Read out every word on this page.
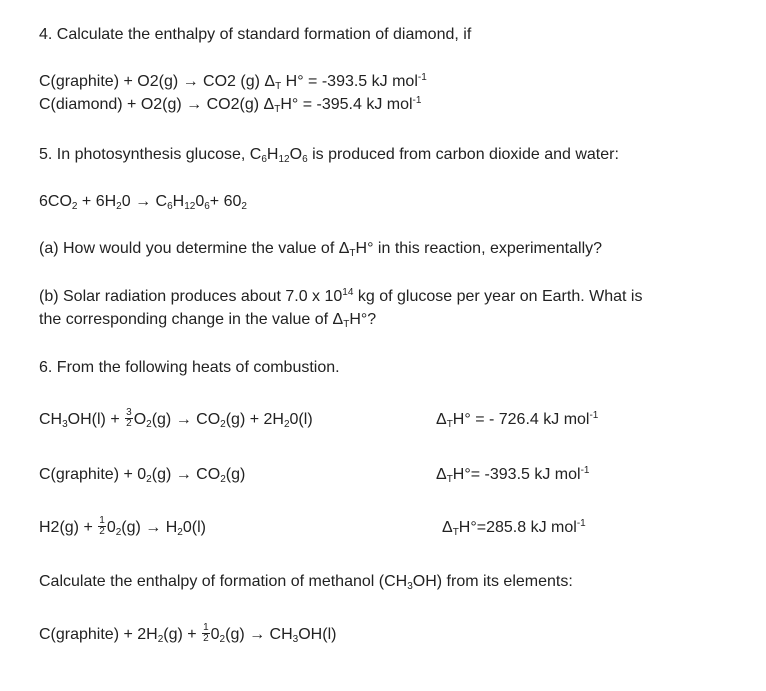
4. Calculate the enthalpy of standard formation of diamond, if
C(graphite) + O2(g) → CO2 (g) $\Delta_T$ H° = -393.5 kJ mol$^{-1}$
C(diamond) + O2(g) → CO2(g) $\Delta_TH^\circ = -395.4$ kJ mol$^{-1}$
5. In photosynthesis glucose, $C_6H_{12}O_6$ is produced from carbon dioxide and water:
$6CO_2 + 6H_20 \to C_6H_{12}0_6+ 60_2$
(a) How would you determine the value of $\Delta_TH^\circ$ in this reaction, experimentally?
(b) Solar radiation produces about 7.0 x $10^{14}$ kg of glucose per year on Earth. What is
the corresponding change in the value of $\Delta_TH^\circ$?
6. From the following heats of combustion.
$CH_3OH(l) + \frac{3}{2} O_2(g) \to CO_2(g) + 2H_20(l)$	$\Delta_TH^\circ$ = - 726.4 kJ mol$^{-1}$
C(graphite) + $0_2(g) \to CO_2(g)$	$\Delta_TH^\circ= -393.5$ kJ mol$^{-1}$
$H2(g) + \frac{1}{2} 0_2(g) \to H_20(l)$	$\Delta_TH^\circ=285.8$ kJ mol$^{-1}$
Calculate the enthalpy of formation of methanol $(CH_3OH)$ from its elements:
C(graphite) + $2H_2(g) + \frac{1}{2} 0_2(g) \to CH_3OH(l)$
